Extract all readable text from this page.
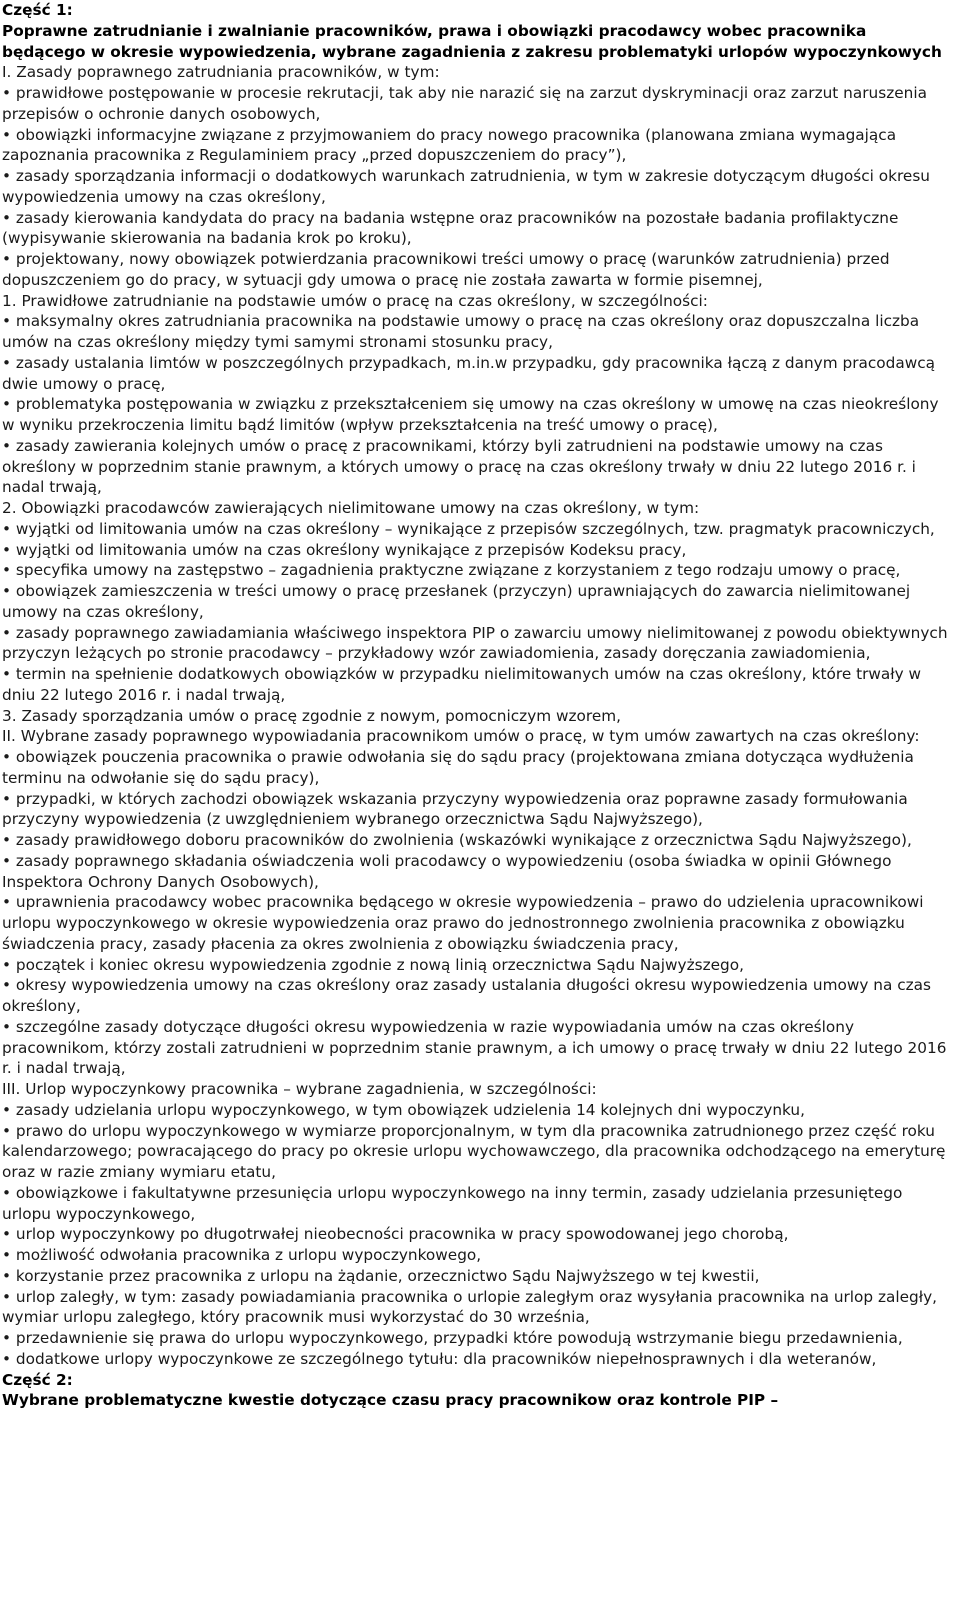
Część 1:
Poprawne zatrudnianie i zwalnianie pracowników, prawa i obowiązki pracodawcy wobec pracownika będącego w okresie wypowiedzenia, wybrane zagadnienia z zakresu problematyki urlopów wypoczynkowych
I. Zasady poprawnego zatrudniania pracowników, w tym:
• prawidłowe postępowanie w procesie rekrutacji, tak aby nie narazić się na zarzut dyskryminacji oraz zarzut naruszenia przepisów o ochronie danych osobowych,
• obowiązki informacyjne związane z przyjmowaniem do pracy nowego pracownika (planowana zmiana wymagająca zapoznania pracownika z Regulaminiem pracy „przed dopuszczeniem do pracy”),
• zasady sporządzania informacji o dodatkowych warunkach zatrudnienia, w tym w zakresie dotyczącym długości okresu wypowiedzenia umowy na czas określony,
• zasady kierowania kandydata do pracy na badania wstępne oraz pracowników na pozostałe badania profilaktyczne (wypisywanie skierowania na badania krok po kroku),
• projektowany, nowy obowiązek potwierdzania pracownikowi treści umowy o pracę (warunków zatrudnienia) przed dopuszczeniem go do pracy, w sytuacji gdy umowa o pracę nie została zawarta w formie pisemnej,
1. Prawidłowe zatrudnianie na podstawie umów o pracę na czas określony, w szczególności:
• maksymalny okres zatrudniania pracownika na podstawie umowy o pracę na czas określony oraz dopuszczalna liczba umów na czas określony między tymi samymi stronami stosunku pracy,
• zasady ustalania limtów w poszczególnych przypadkach, m.in.w przypadku, gdy pracownika łączą z danym pracodawcą dwie umowy o pracę,
• problematyka postępowania w związku z przekształceniem się umowy na czas określony w umowę na czas nieokreślony w wyniku przekroczenia limitu bądź limitów (wpływ przekształcenia na treść umowy o pracę),
• zasady zawierania kolejnych umów o pracę z pracownikami, którzy byli zatrudnieni na podstawie umowy na czas określony w poprzednim stanie prawnym, a których umowy o pracę na czas określony trwały w dniu 22 lutego 2016 r. i nadal trwają,
2. Obowiązki pracodawców zawierających nielimitowane umowy na czas określony, w tym:
• wyjątki od limitowania umów na czas określony – wynikające z przepisów szczególnych, tzw. pragmatyk pracowniczych,
• wyjątki od limitowania umów na czas określony wynikające z przepisów Kodeksu pracy,
• specyfika umowy na zastępstwo – zagadnienia praktyczne związane z korzystaniem z tego rodzaju umowy o pracę,
• obowiązek zamieszczenia w treści umowy o pracę przesłanek (przyczyn) uprawniających do zawarcia nielimitowanej umowy na czas określony,
• zasady poprawnego zawiadamiania właściwego inspektora PIP o zawarciu umowy nielimitowanej z powodu obiektywnych przyczyn leżących po stronie pracodawcy – przykładowy wzór zawiadomienia, zasady doręczania zawiadomienia,
• termin na spełnienie dodatkowych obowiązków w przypadku nielimitowanych umów na czas określony, które trwały w dniu 22 lutego 2016 r. i nadal trwają,
3. Zasady sporządzania umów o pracę zgodnie z nowym, pomocniczym wzorem,
II. Wybrane zasady poprawnego wypowiadania pracownikom umów o pracę, w tym umów zawartych na czas określony:
• obowiązek pouczenia pracownika o prawie odwołania się do sądu pracy (projektowana zmiana dotycząca wydłużenia terminu na odwołanie się do sądu pracy),
• przypadki, w których zachodzi obowiązek wskazania przyczyny wypowiedzenia oraz poprawne zasady formułowania przyczyny wypowiedzenia (z uwzględnieniem wybranego orzecznictwa Sądu Najwyższego),
• zasady prawidłowego doboru pracowników do zwolnienia (wskazówki wynikające z orzecznictwa Sądu Najwyższego),
• zasady poprawnego składania oświadczenia woli pracodawcy o wypowiedzeniu (osoba świadka w opinii Głównego Inspektora Ochrony Danych Osobowych),
• uprawnienia pracodawcy wobec pracownika będącego w okresie wypowiedzenia – prawo do udzielenia upracownikowi urlopu wypoczynkowego w okresie wypowiedzenia oraz prawo do jednostronnego zwolnienia pracownika z obowiązku świadczenia pracy, zasady płacenia za okres zwolnienia z obowiązku świadczenia pracy,
• początek i koniec okresu wypowiedzenia zgodnie z nową linią orzecznictwa Sądu Najwyższego,
• okresy wypowiedzenia umowy na czas określony oraz zasady ustalania długości okresu wypowiedzenia umowy na czas określony,
• szczególne zasady dotyczące długości okresu wypowiedzenia w razie wypowiadania umów na czas określony pracownikom, którzy zostali zatrudnieni w poprzednim stanie prawnym, a ich umowy o pracę trwały w dniu 22 lutego 2016 r. i nadal trwają,
III. Urlop wypoczynkowy pracownika – wybrane zagadnienia, w szczególności:
• zasady udzielania urlopu wypoczynkowego, w tym obowiązek udzielenia 14 kolejnych dni wypoczynku,
• prawo do urlopu wypoczynkowego w wymiarze proporcjonalnym, w tym dla pracownika zatrudnionego przez część roku kalendarzowego; powracającego do pracy po okresie urlopu wychowawczego, dla pracownika odchodzącego na emeryturę oraz w razie zmiany wymiaru etatu,
• obowiązkowe i fakultatywne przesunięcia urlopu wypoczynkowego na inny termin, zasady udzielania przesuniętego urlopu wypoczynkowego,
• urlop wypoczynkowy po długotrwałej nieobecności pracownika w pracy spowodowanej jego chorobą,
• możliwość odwołania pracownika z urlopu wypoczynkowego,
• korzystanie przez pracownika z urlopu na żądanie, orzecznictwo Sądu Najwyższego w tej kwestii,
• urlop zaległy, w tym: zasady powiadamiania pracownika o urlopie zaległym oraz wysyłania pracownika na urlop zaległy, wymiar urlopu zaległego, który pracownik musi wykorzystać do 30 września,
• przedawnienie się prawa do urlopu wypoczynkowego, przypadki które powodują wstrzymanie biegu przedawnienia,
• dodatkowe urlopy wypoczynkowe ze szczególnego tytułu: dla pracowników niepełnosprawnych i dla weteranów,
Część 2:
Wybrane problematyczne kwestie dotyczące czasu pracy pracownikow oraz kontrole PIP –
